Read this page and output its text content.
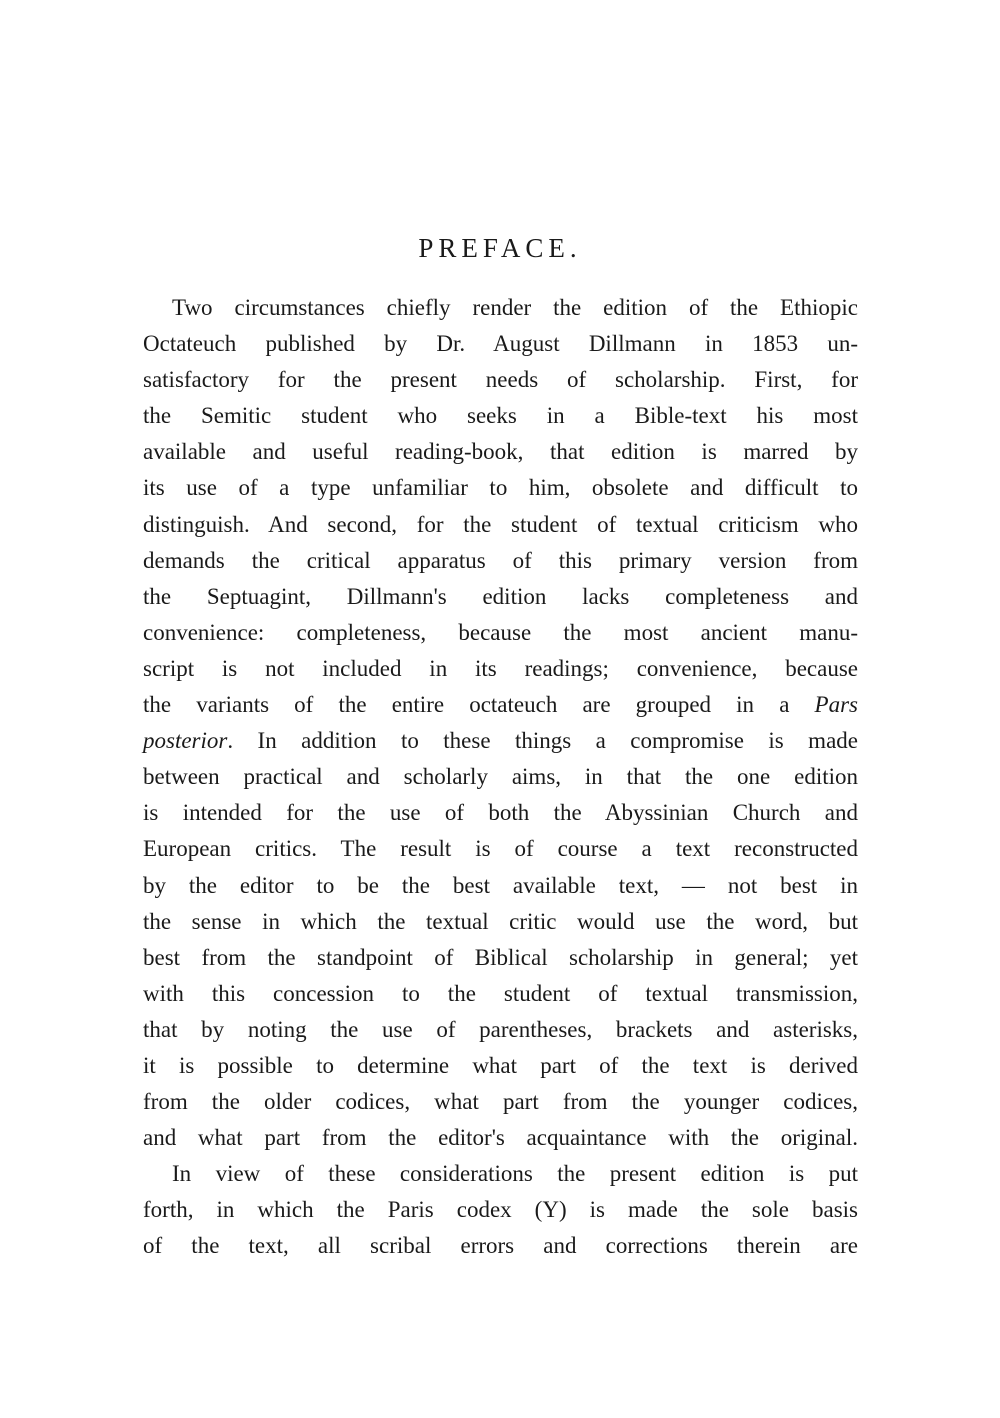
PREFACE.
Two circumstances chiefly render the edition of the Ethiopic
Octateuch published by Dr. August Dillmann in 1853 un-
satisfactory for the present needs of scholarship. First, for
the Semitic student who seeks in a Bible-text his most
available and useful reading-book, that edition is marred by
its use of a type unfamiliar to him, obsolete and difficult to
distinguish. And second, for the student of textual criticism who
demands the critical apparatus of this primary version from
the Septuagint, Dillmann's edition lacks completeness and
convenience: completeness, because the most ancient manu-
script is not included in its readings; convenience, because
the variants of the entire octateuch are grouped in a Pars
posterior. In addition to these things a compromise is made
between practical and scholarly aims, in that the one edition
is intended for the use of both the Abyssinian Church and
European critics. The result is of course a text reconstructed
by the editor to be the best available text, — not best in
the sense in which the textual critic would use the word, but
best from the standpoint of Biblical scholarship in general; yet
with this concession to the student of textual transmission,
that by noting the use of parentheses, brackets and asterisks,
it is possible to determine what part of the text is derived
from the older codices, what part from the younger codices,
and what part from the editor's acquaintance with the original.
In view of these considerations the present edition is put
forth, in which the Paris codex (Y) is made the sole basis
of the text, all scribal errors and corrections therein are
